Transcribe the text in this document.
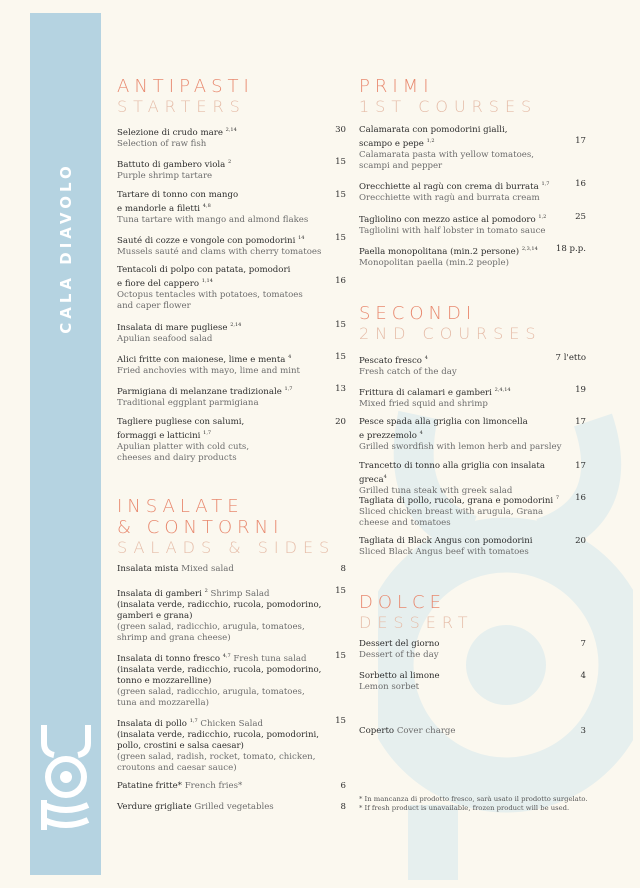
CALA DIAVOLO
ANTIPASTI
STARTERS
Selezione di crudo mare $^{2,14}$
Selection of raw fish
30
Battuto di gambero viola $^2$
Purple shrimp tartare
15
Tartare di tonno con mango
e mandorle a filetti $^{4,8}$
Tuna tartare with mango and almond flakes
15
Sauté di cozze e vongole con pomodorini $^{14}$
Mussels sauté and clams with cherry tomatoes
15
Tentacoli di polpo con patata, pomodori
e fiore del cappero $^{1,14}$
Octopus tentacles with potatoes, tomatoes
and caper flower
16
Insalata di mare pugliese $^{2,14}$
Apulian seafood salad
15
Alici fritte con maionese, lime e menta $^4$
Fried anchovies with mayo, lime and mint
15
Parmigiana di melanzane tradizionale $^{1,7}$
Traditional eggplant parmigiana
13
Tagliere pugliese con salumi,
formaggi e latticini $^{1,7}$
Apulian platter with cold cuts,
cheeses and dairy products
20
INSALATE
& CONTORNI
SALADS & SIDES
Insalata mista Mixed salad	8
Insalata di gamberi $^2$ Shrimp Salad
(insalata verde, radicchio, rucola, pomodorino, gamberi e grana)
(green salad, radicchio, arugula, tomatoes, shrimp and grana cheese)
15
Insalata di tonno fresco $^{4,7}$ Fresh tuna salad
(insalata verde, radicchio, rucola, pomodorino, tonno e mozzarelline)
(green salad, radicchio, arugula, tomatoes, tuna and mozzarella)
15
Insalata di pollo $^{1,7}$ Chicken Salad
(insalata verde, radicchio, rucola, pomodorini, pollo, crostini e salsa caesar)
(green salad, radish, rocket, tomato, chicken, croutons and caesar sauce)
15
Patatine fritte* French fries*	6
Verdure grigliate Grilled vegetables	8
PRIMI
1ST COURSES
Calamarata con pomodorini gialli,
scampo e pepe $^{1,2}$
Calamarata pasta with yellow tomatoes,
scampi and pepper
17
Orecchiette al ragù con crema di burrata $^{1,7}$
Orecchiette with ragù and burrata cream
16
Tagliolino con mezzo astice al pomodoro $^{1,2}$
Tagliolini with half lobster in tomato sauce
25
Paella monopolitana (min.2 persone) $^{2,3,14}$
Monopolitan paella (min.2 people)
18 p.p.
SECONDI
2ND COURSES
Pescato fresco $^4$
Fresh catch of the day
7 l'etto
Frittura di calamari e gamberi $^{2,4,14}$
Mixed fried squid and shrimp
19
Pesce spada alla griglia con limoncella
e prezzemolo $^4$
Grilled swordfish with lemon herb and parsley
17
Trancetto di tonno alla griglia con insalata greca$^4$
Grilled tuna steak with greek salad
17
Tagliata di pollo, rucola, grana e pomodorini $^7$
Sliced chicken breast with arugula, Grana
cheese and tomatoes
16
Tagliata di Black Angus con pomodorini
Sliced Black Angus beef with tomatoes
20
DOLCE
DESSERT
Dessert del giorno
Dessert of the day
7
Sorbetto al limone
Lemon sorbet
4
Coperto Cover charge	3
* In mancanza di prodotto fresco, sarà usato il prodotto surgelato.
* If fresh product is unavailable, frozen product will be used.
